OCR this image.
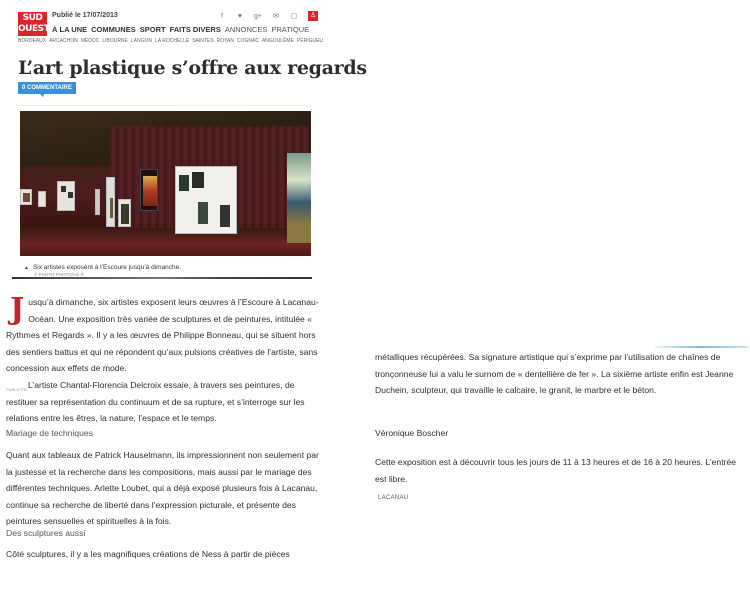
SUD
OUEST
Publié le 17/07/2013	f	♥ g+ ✉ ▢ ♙
À LA UNE COMMUNES SPORT FAITS DIVERS ANNONCES PRATIQUE
BORDEAUX ARCACHON MÉDOC LIBOURNE LANGON LA ROCHELLE SAINTES ROYAN COGNAC ANGOULÊME PÉRIGUEU
L’art plastique s’offre aux regards
0 COMMENTAIRE
▲ Six artistes exposent à l’Escoure jusqu’à dimanche.
© PHOTO PHOTO/AG R
Jusqu’à dimanche, six artistes exposent leurs œuvres à l’Escoure à Lacanau-Océan. Une exposition très variée de sculptures et de peintures, intitulée « Rythmes et Regards ». Il y a les œuvres de Philippe Bonneau, qui se situent hors des sentiers battus et qui ne répondent qu’aux pulsions créatives de l’artiste, sans concession aux effets de mode.
PUBLICITÉ L’artiste Chantal-Florencia Delcroix essaie, à travers ses peintures, de restituer sa représentation du continuum et de sa rupture, et s’interroge sur les relations entre les êtres, la nature, l’espace et le temps.
Mariage de techniques
Quant aux tableaux de Patrick Hauselmann, ils impressionnent non seulement par la justesse et la recherche dans les compositions, mais aussi par le mariage des différentes techniques. Arlette Loubet, qui a déjà exposé plusieurs fois à Lacanau, continue sa recherche de liberté dans l’expression picturale, et présente des peintures sensuelles et spirituelles à la fois.
Des sculptures aussi
Côté sculptures, il y a les magnifiques créations de Ness à partir de pièces
métalliques récupérées. Sa signature artistique qui s’exprime par l’utilisation de chaînes de tronçonneuse lui a valu le surnom de « dentellière de fer ». La sixième artiste enfin est Jeanne Duchein, sculpteur, qui travaille le calcaire, le granit, le marbre et le béton.
Véronique Boscher
Cette exposition est à découvrir tous les jours de 11 à 13 heures et de 16 à 20 heures. L’entrée est libre.
LACANAU
